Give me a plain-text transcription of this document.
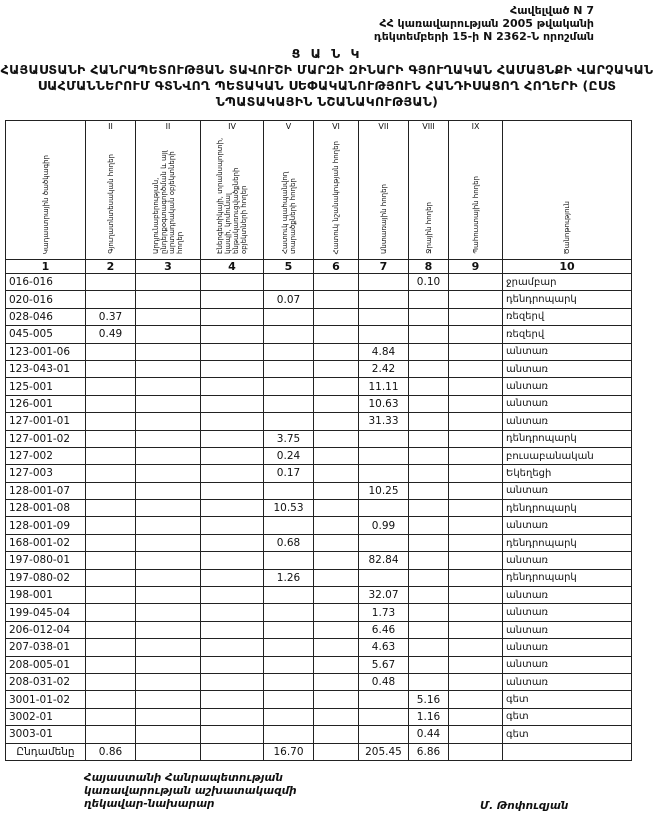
Հավելված N 7
ՀՀ կառավարության 2005 թվականի
դեկտեմբերի 15-ի N 2362-Ն որոշման
Ց Ա Ն Կ
ՀԱՅԱՍՏԱՆԻ ՀԱՆՐԱՊԵՏՈՒԹՅԱՆ ՏԱՎՈՒՇԻ ՄԱՐԶԻ ԶԻՆԱՐԻ ԳՅՈՒՂԱԿԱՆ ՀԱՄԱՅՆՔԻ ՎԱՐՉԱԿԱՆ
ՍԱՀՄԱՆՆԵՐՈՒՄ ԳՏՆՎՈՂ ՊԵՏԱԿԱՆ ՍԵՓԱԿԱՆՈՒԹՅՈՒՆ ՀԱՆԴԻՍԱՑՈՂ ՀՈՂԵՐԻ (ԸՍՏ
ՆՊԱՏԱԿԱՅԻՆ ՆՇԱՆԱԿՈՒԹՅԱՆ)
	II	II	IV	V	VI	VII	VIII	IX	
Կադաստրային ծածկագիր	Գյուղատնտեսական հողեր	Արդյունաբերության, ընդերքօգտագործման և այլ արտադրական օբյեկտների հողեր	Էներգետիկայի, տրանսպորտի, կապի, կոմունալ ենթակառուցվածքների օբյեկտների հողեր	Հատուկ պահպանվող տարածքների հողեր	Հատուկ նշանակության հողեր	Անտառային հողեր	Ջրային հողեր	Պահուստային հողեր	Ծանոթություն
1	2	3	4	5	6	7	8	9	10
016-016							0.10		ջրամբար
020-016				0.07					դենդրոպարկ
028-046	0.37								ռեզերվ
045-005	0.49								ռեզերվ
123-001-06						4.84			անտառ
123-043-01						2.42			անտառ
125-001						11.11			անտառ
126-001						10.63			անտառ
127-001-01						31.33			անտառ
127-001-02				3.75					դենդրոպարկ
127-002				0.24					բուսաբանական
127-003				0.17					Եկեղեցի
128-001-07						10.25			անտառ
128-001-08				10.53					դենդրոպարկ
128-001-09						0.99			անտառ
168-001-02				0.68					դենդրոպարկ
197-080-01						82.84			անտառ
197-080-02				1.26					դենդրոպարկ
198-001						32.07			անտառ
199-045-04						1.73			անտառ
206-012-04						6.46			անտառ
207-038-01						4.63			անտառ
208-005-01						5.67			անտառ
208-031-02						0.48			անտառ
3001-01-02							5.16		գետ
3002-01							1.16		գետ
3003-01							0.44		գետ
Ընդամենը	0.86			16.70		205.45	6.86		
Հայաստանի Հանրապետության
կառավարության աշխատակազմի
ղեկավար-նախարար	Մ. Թոփուզյան
